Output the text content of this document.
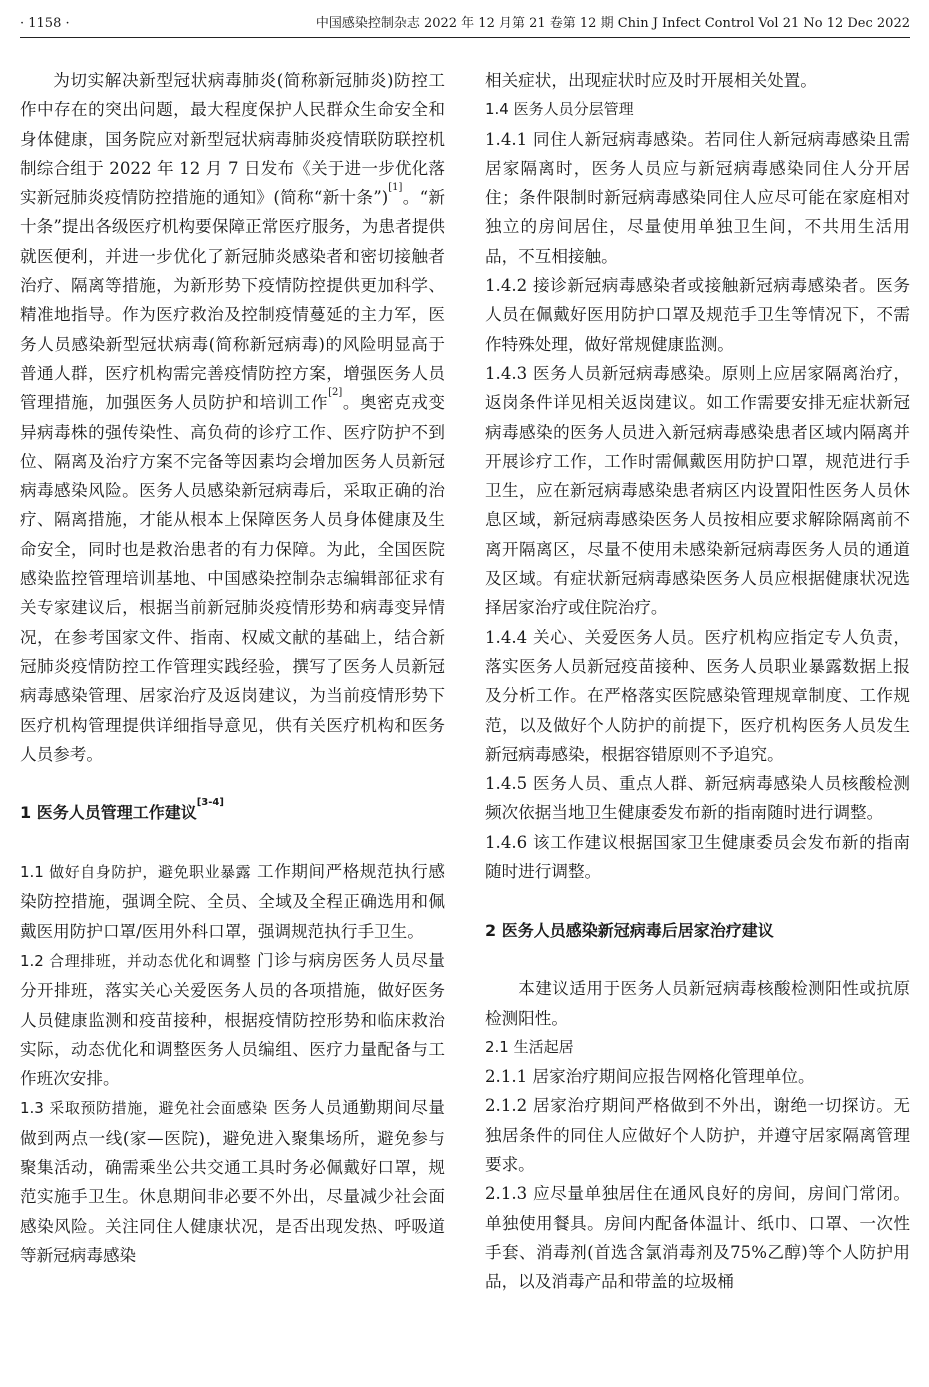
· 1158 ·	中国感染控制杂志 2022 年 12 月第 21 卷第 12 期 Chin J Infect Control Vol 21 No 12 Dec 2022

为切实解决新型冠状病毒肺炎(简称新冠肺炎)防控工作中存在的突出问题，最大程度保护人民群众生命安全和身体健康，国务院应对新型冠状病毒肺炎疫情联防联控机制综合组于 2022 年 12 月 7 日发布《关于进一步优化落实新冠肺炎疫情防控措施的通知》(简称“新十条”)[1]。“新十条”提出各级医疗机构要保障正常医疗服务，为患者提供就医便利，并进一步优化了新冠肺炎感染者和密切接触者治疗、隔离等措施，为新形势下疫情防控提供更加科学、精准地指导。作为医疗救治及控制疫情蔓延的主力军，医务人员感染新型冠状病毒(简称新冠病毒)的风险明显高于普通人群，医疗机构需完善疫情防控方案，增强医务人员管理措施，加强医务人员防护和培训工作[2]。奥密克戎变异病毒株的强传染性、高负荷的诊疗工作、医疗防护不到位、隔离及治疗方案不完备等因素均会增加医务人员新冠病毒感染风险。医务人员感染新冠病毒后，采取正确的治疗、隔离措施，才能从根本上保障医务人员身体健康及生命安全，同时也是救治患者的有力保障。为此，全国医院感染监控管理培训基地、中国感染控制杂志编辑部征求有关专家建议后，根据当前新冠肺炎疫情形势和病毒变异情况，在参考国家文件、指南、权威文献的基础上，结合新冠肺炎疫情防控工作管理实践经验，撰写了医务人员新冠病毒感染管理、居家治疗及返岗建议，为当前疫情形势下医疗机构管理提供详细指导意见，供有关医疗机构和医务人员参考。

1 医务人员管理工作建议[3-4]

1.1 做好自身防护，避免职业暴露 工作期间严格规范执行感染防控措施，强调全院、全员、全域及全程正确选用和佩戴医用防护口罩/医用外科口罩，强调规范执行手卫生。

1.2 合理排班，并动态优化和调整 门诊与病房医务人员尽量分开排班，落实关心关爱医务人员的各项措施，做好医务人员健康监测和疫苗接种，根据疫情防控形势和临床救治实际，动态优化和调整医务人员编组、医疗力量配备与工作班次安排。

1.3 采取预防措施，避免社会面感染 医务人员通勤期间尽量做到两点一线(家—医院)，避免进入聚集场所，避免参与聚集活动，确需乘坐公共交通工具时务必佩戴好口罩，规范实施手卫生。休息期间非必要不外出，尽量减少社会面感染风险。关注同住人健康状况，是否出现发热、呼吸道等新冠病毒感染

相关症状，出现症状时应及时开展相关处置。

1.4 医务人员分层管理

1.4.1 同住人新冠病毒感染。若同住人新冠病毒感染且需居家隔离时，医务人员应与新冠病毒感染同住人分开居住；条件限制时新冠病毒感染同住人应尽可能在家庭相对独立的房间居住，尽量使用单独卫生间，不共用生活用品，不互相接触。

1.4.2 接诊新冠病毒感染者或接触新冠病毒感染者。医务人员在佩戴好医用防护口罩及规范手卫生等情况下，不需作特殊处理，做好常规健康监测。

1.4.3 医务人员新冠病毒感染。原则上应居家隔离治疗，返岗条件详见相关返岗建议。如工作需要安排无症状新冠病毒感染的医务人员进入新冠病毒感染患者区域内隔离并开展诊疗工作，工作时需佩戴医用防护口罩，规范进行手卫生，应在新冠病毒感染患者病区内设置阳性医务人员休息区域，新冠病毒感染医务人员按相应要求解除隔离前不离开隔离区，尽量不使用未感染新冠病毒医务人员的通道及区域。有症状新冠病毒感染医务人员应根据健康状况选择居家治疗或住院治疗。

1.4.4 关心、关爱医务人员。医疗机构应指定专人负责，落实医务人员新冠疫苗接种、医务人员职业暴露数据上报及分析工作。在严格落实医院感染管理规章制度、工作规范，以及做好个人防护的前提下，医疗机构医务人员发生新冠病毒感染，根据容错原则不予追究。

1.4.5 医务人员、重点人群、新冠病毒感染人员核酸检测频次依据当地卫生健康委发布新的指南随时进行调整。

1.4.6 该工作建议根据国家卫生健康委员会发布新的指南随时进行调整。

2 医务人员感染新冠病毒后居家治疗建议

本建议适用于医务人员新冠病毒核酸检测阳性或抗原检测阳性。

2.1 生活起居

2.1.1 居家治疗期间应报告网格化管理单位。

2.1.2 居家治疗期间严格做到不外出，谢绝一切探访。无独居条件的同住人应做好个人防护，并遵守居家隔离管理要求。

2.1.3 应尽量单独居住在通风良好的房间，房间门常闭。单独使用餐具。房间内配备体温计、纸巾、口罩、一次性手套、消毒剂(首选含氯消毒剂及75%乙醇)等个人防护用品，以及消毒产品和带盖的垃圾桶
